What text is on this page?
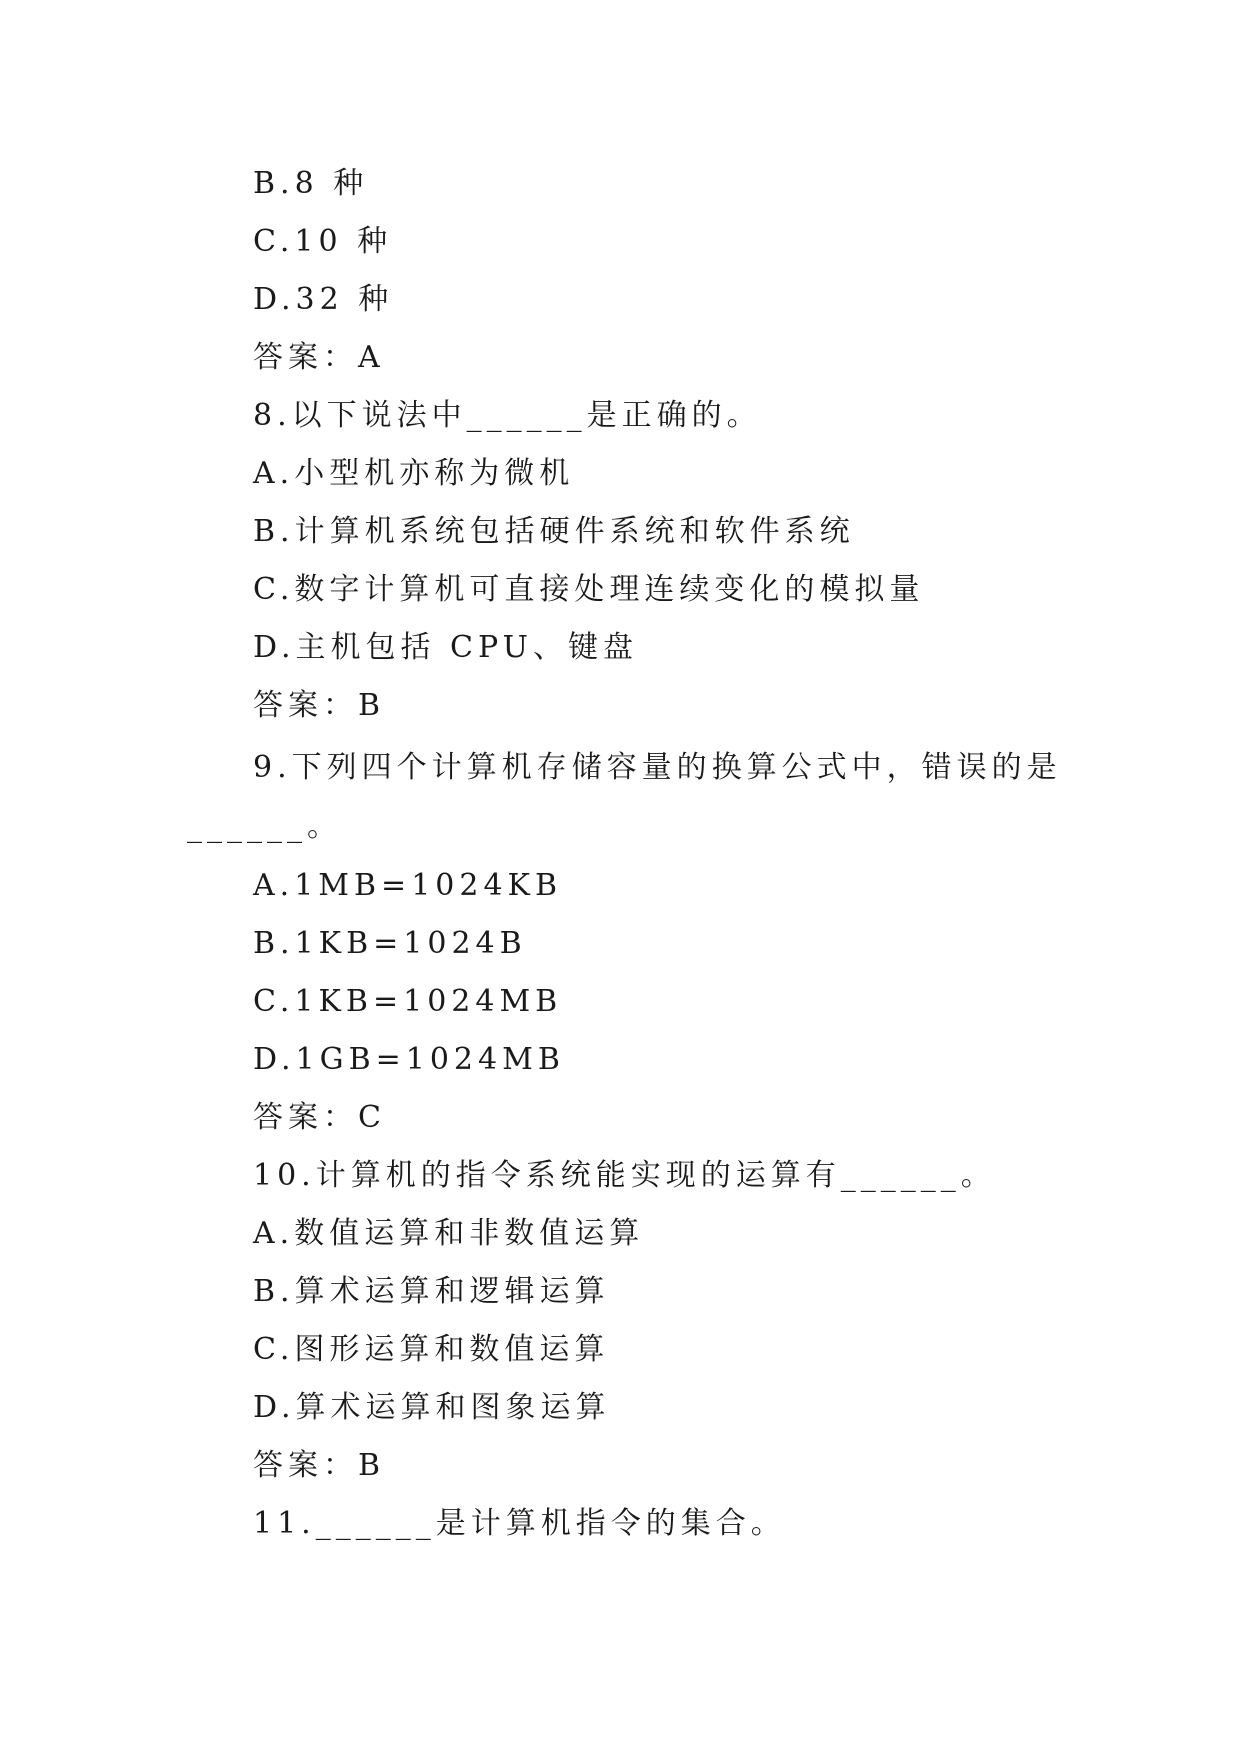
B.8 种
C.10 种
D.32 种
答案：A
8.以下说法中______是正确的。
A.小型机亦称为微机
B.计算机系统包括硬件系统和软件系统
C.数字计算机可直接处理连续变化的模拟量
D.主机包括 CPU、键盘
答案：B
9.下列四个计算机存储容量的换算公式中，错误的是
______。
A.1MB=1024KB
B.1KB=1024B
C.1KB=1024MB
D.1GB=1024MB
答案：C
10.计算机的指令系统能实现的运算有______。
A.数值运算和非数值运算
B.算术运算和逻辑运算
C.图形运算和数值运算
D.算术运算和图象运算
答案：B
11.______是计算机指令的集合。
